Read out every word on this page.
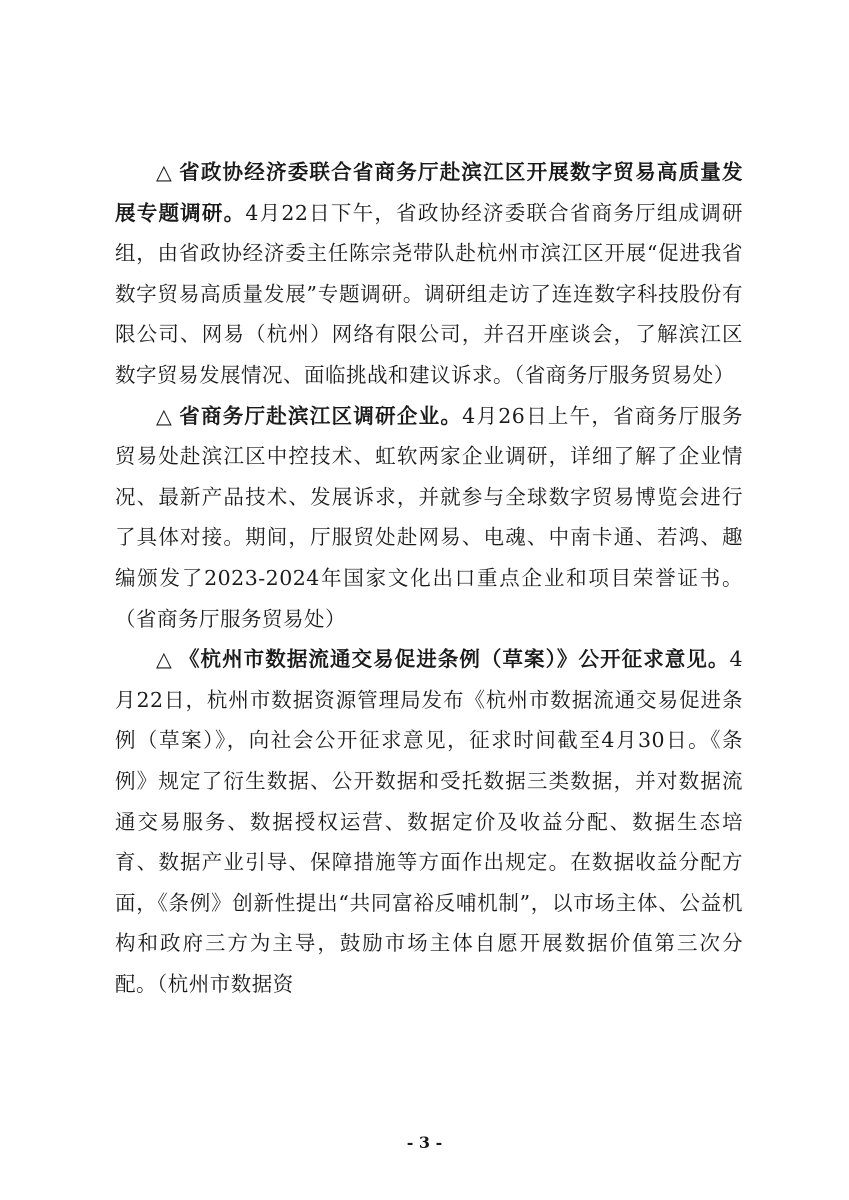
△ 省政协经济委联合省商务厅赴滨江区开展数字贸易高质量发展专题调研。4月22日下午，省政协经济委联合省商务厅组成调研组，由省政协经济委主任陈宗尧带队赴杭州市滨江区开展“促进我省数字贸易高质量发展”专题调研。调研组走访了连连数字科技股份有限公司、网易（杭州）网络有限公司，并召开座谈会，了解滨江区数字贸易发展情况、面临挑战和建议诉求。（省商务厅服务贸易处）

△ 省商务厅赴滨江区调研企业。4月26日上午，省商务厅服务贸易处赴滨江区中控技术、虹软两家企业调研，详细了解了企业情况、最新产品技术、发展诉求，并就参与全球数字贸易博览会进行了具体对接。期间，厅服贸处赴网易、电魂、中南卡通、若鸿、趣编颁发了2023-2024年国家文化出口重点企业和项目荣誉证书。（省商务厅服务贸易处）

△ 《杭州市数据流通交易促进条例（草案）》公开征求意见。4月22日，杭州市数据资源管理局发布《杭州市数据流通交易促进条例（草案）》，向社会公开征求意见，征求时间截至4月30日。《条例》规定了衍生数据、公开数据和受托数据三类数据，并对数据流通交易服务、数据授权运营、数据定价及收益分配、数据生态培育、数据产业引导、保障措施等方面作出规定。在数据收益分配方面，《条例》创新性提出“共同富裕反哺机制”，以市场主体、公益机构和政府三方为主导，鼓励市场主体自愿开展数据价值第三次分配。（杭州市数据资

- 3 -
